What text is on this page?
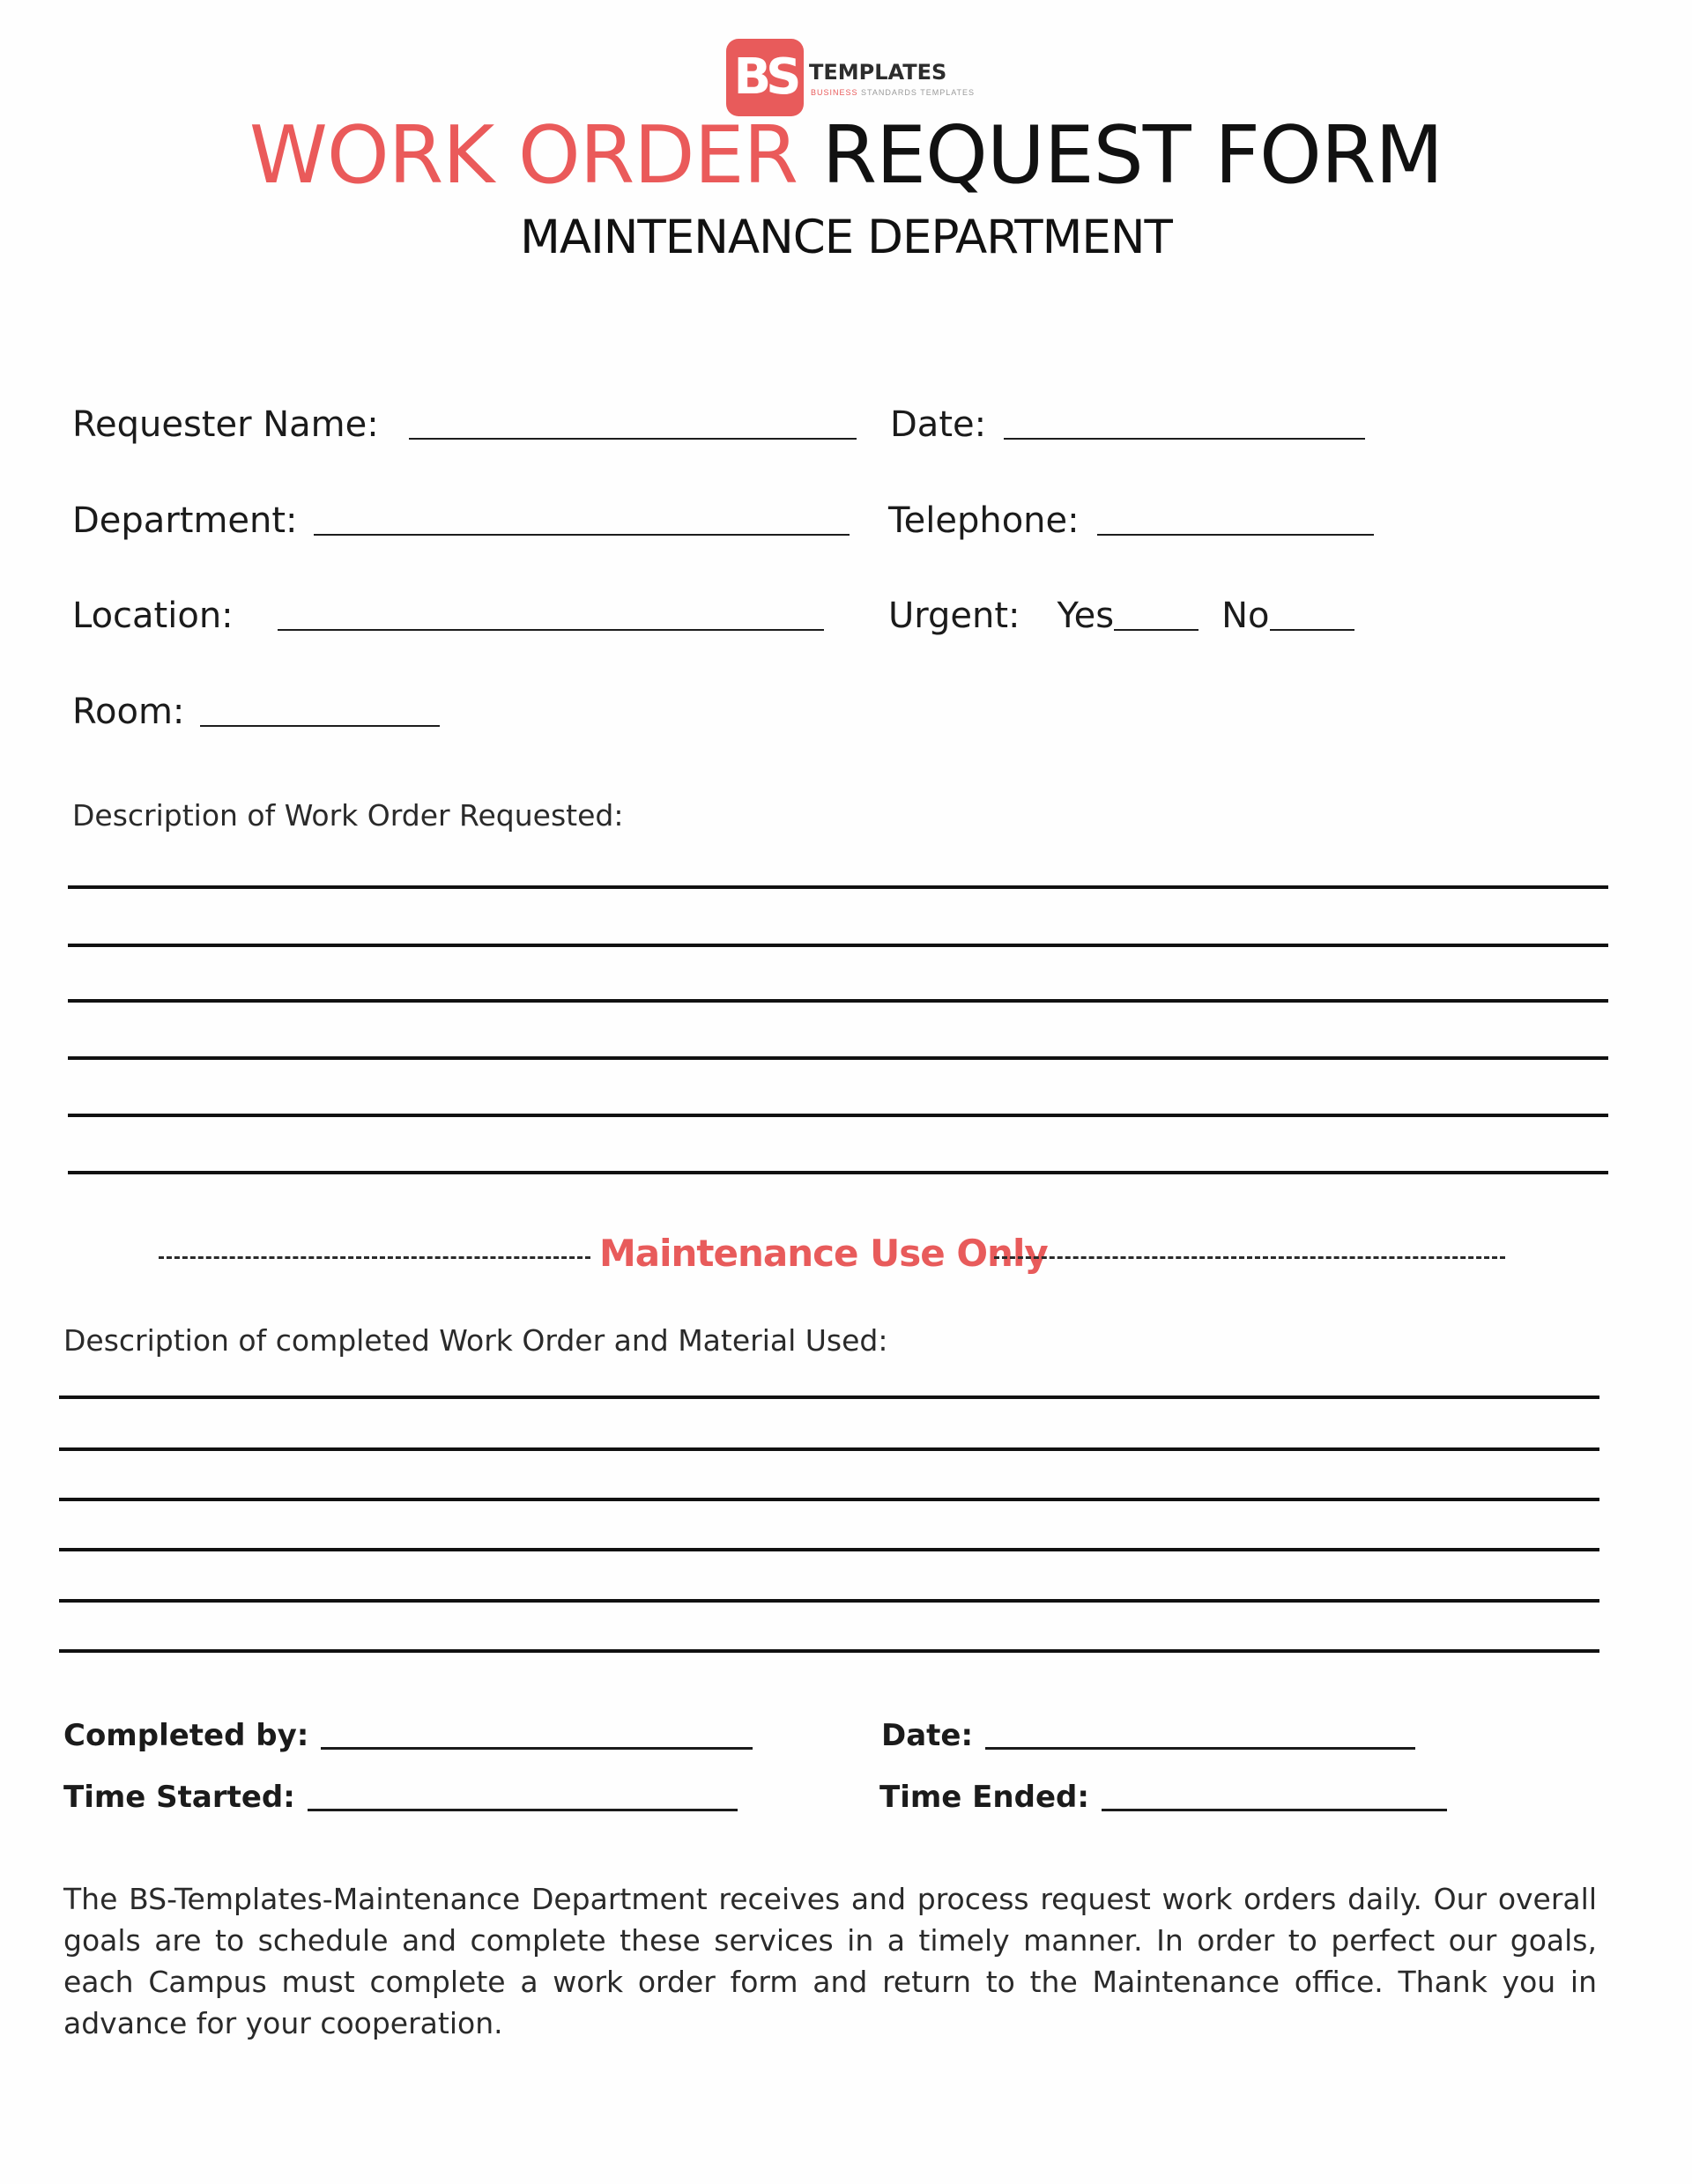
BS TEMPLATES
BUSINESS STANDARDS TEMPLATES
WORK ORDER REQUEST FORM
MAINTENANCE DEPARTMENT
Requester Name:	Date:
Department:	Telephone:
Location:	Urgent: Yes	No
Room:
Description of Work Order Requested:
Maintenance Use Only
Description of completed Work Order and Material Used:
Completed by:	Date:
Time Started:	Time Ended:
The BS-Templates-Maintenance Department receives and process request work orders daily. Our overall goals are to schedule and complete these services in a timely manner. In order to perfect our goals, each Campus must complete a work order form and return to the Maintenance office. Thank you in advance for your cooperation.
